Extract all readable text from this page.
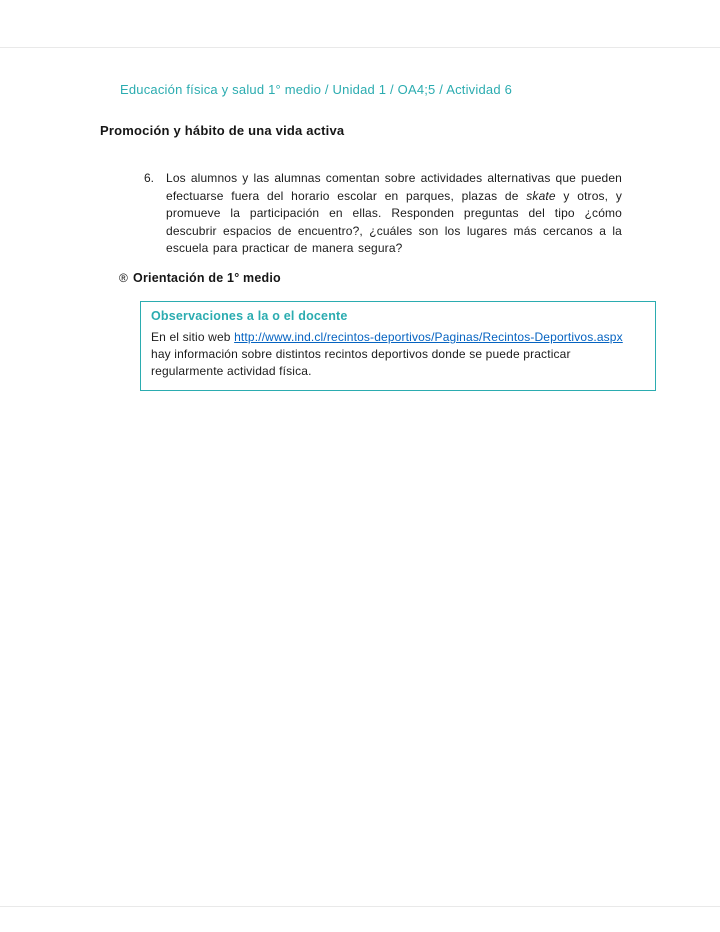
Educación física y salud 1° medio / Unidad 1 / OA4;5 / Actividad 6
Promoción y hábito de una vida activa
6. Los alumnos y las alumnas comentan sobre actividades alternativas que pueden efectuarse fuera del horario escolar en parques, plazas de skate y otros, y promueve la participación en ellas. Responden preguntas del tipo ¿cómo descubrir espacios de encuentro?, ¿cuáles son los lugares más cercanos a la escuela para practicar de manera segura?

® Orientación de 1° medio
Observaciones a la o el docente

En el sitio web http://www.ind.cl/recintos-deportivos/Paginas/Recintos-Deportivos.aspx hay información sobre distintos recintos deportivos donde se puede practicar regularmente actividad física.
